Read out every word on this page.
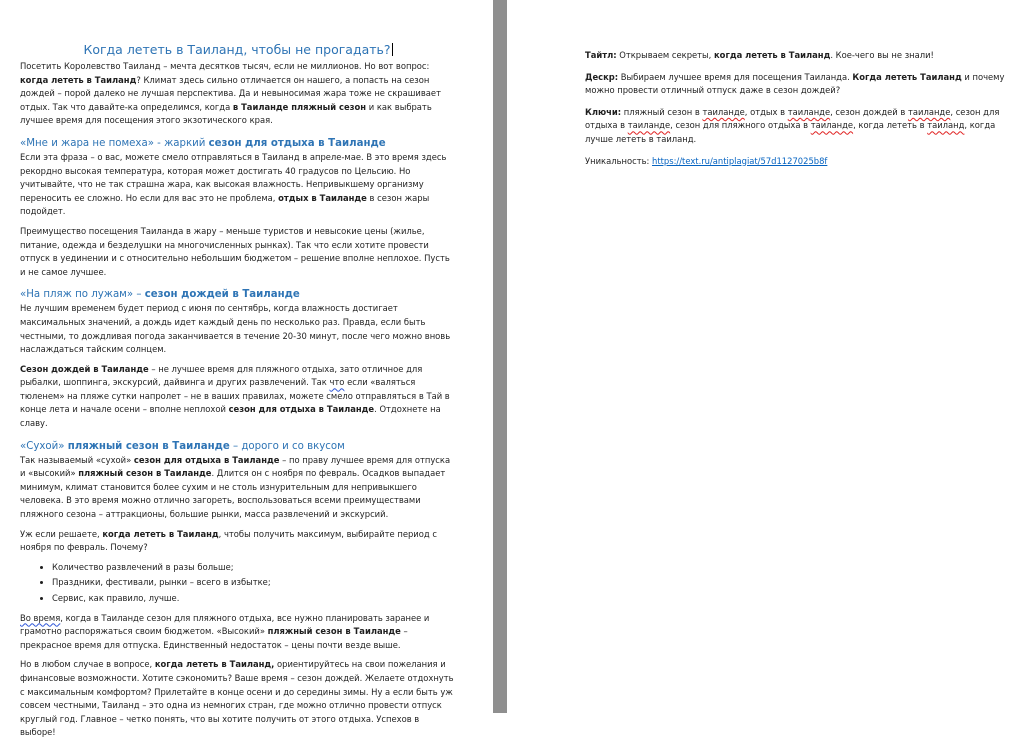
Когда лететь в Таиланд, чтобы не прогадать?

Посетить Королевство Таиланд – мечта десятков тысяч, если не миллионов. Но вот вопрос: когда лететь в Таиланд? Климат здесь сильно отличается он нашего, а попасть на сезон дождей – порой далеко не лучшая перспектива. Да и невыносимая жара тоже не скрашивает отдых. Так что давайте-ка определимся, когда в Таиланде пляжный сезон и как выбрать лучшее время для посещения этого экзотического края.

«Мне и жара не помеха» - жаркий сезон для отдыха в Таиланде

Если эта фраза – о вас, можете смело отправляться в Таиланд в апреле-мае. В это время здесь рекордно высокая температура, которая может достигать 40 градусов по Цельсию. Но учитывайте, что не так страшна жара, как высокая влажность. Непривыкшему организму переносить ее сложно. Но если для вас это не проблема, отдых в Таиланде в сезон жары подойдет.

Преимущество посещения Таиланда в жару – меньше туристов и невысокие цены (жилье, питание, одежда и безделушки на многочисленных рынках). Так что если хотите провести отпуск в уединении и с относительно небольшим бюджетом – решение вполне неплохое. Пусть и не самое лучшее.

«На пляж по лужам» – сезон дождей в Таиланде

Не лучшим временем будет период с июня по сентябрь, когда влажность достигает максимальных значений, а дождь идет каждый день по несколько раз. Правда, если быть честными, то дождливая погода заканчивается в течение 20-30 минут, после чего можно вновь наслаждаться тайским солнцем.

Сезон дождей в Таиланде – не лучшее время для пляжного отдыха, зато отличное для рыбалки, шоппинга, экскурсий, дайвинга и других развлечений. Так что если «валяться тюленем» на пляже сутки напролет – не в ваших правилах, можете смело отправляться в Тай в конце лета и начале осени – вполне неплохой сезон для отдыха в Таиланде. Отдохнете на славу.

«Сухой» пляжный сезон в Таиланде – дорого и со вкусом

Так называемый «сухой» сезон для отдыха в Таиланде – по праву лучшее время для отпуска и «высокий» пляжный сезон в Таиланде. Длится он с ноября по февраль. Осадков выпадает минимум, климат становится более сухим и не столь изнурительным для непривыкшего человека. В это время можно отлично загореть, воспользоваться всеми преимуществами пляжного сезона – аттракционы, большие рынки, масса развлечений и экскурсий.

Уж если решаете, когда лететь в Таиланд, чтобы получить максимум, выбирайте период с ноября по февраль. Почему?

• Количество развлечений в разы больше;
• Праздники, фестивали, рынки – всего в избытке;
• Сервис, как правило, лучше.

Во время, когда в Таиланде сезон для пляжного отдыха, все нужно планировать заранее и грамотно распоряжаться своим бюджетом. «Высокий» пляжный сезон в Таиланде – прекрасное время для отпуска. Единственный недостаток – цены почти везде выше.

Но в любом случае в вопросе, когда лететь в Таиланд, ориентируйтесь на свои пожелания и финансовые возможности. Хотите сэкономить? Ваше время – сезон дождей. Желаете отдохнуть с максимальным комфортом? Прилетайте в конце осени и до середины зимы. Ну а если быть уж совсем честными, Таиланд – это одна из немногих стран, где можно отлично провести отпуск круглый год. Главное – четко понять, что вы хотите получить от этого отдыха. Успехов в выборе!

Тайтл: Открываем секреты, когда лететь в Таиланд. Кое-чего вы не знали!

Дескр: Выбираем лучшее время для посещения Таиланда. Когда лететь Таиланд и почему можно провести отличный отпуск даже в сезон дождей?

Ключи: пляжный сезон в таиланде, отдых в таиланде, сезон дождей в таиланде, сезон для отдыха в таиланде, сезон для пляжного отдыха в таиланде, когда лететь в таиланд, когда лучше лететь в таиланд.

Уникальность: https://text.ru/antiplagiat/57d1127025b8f
